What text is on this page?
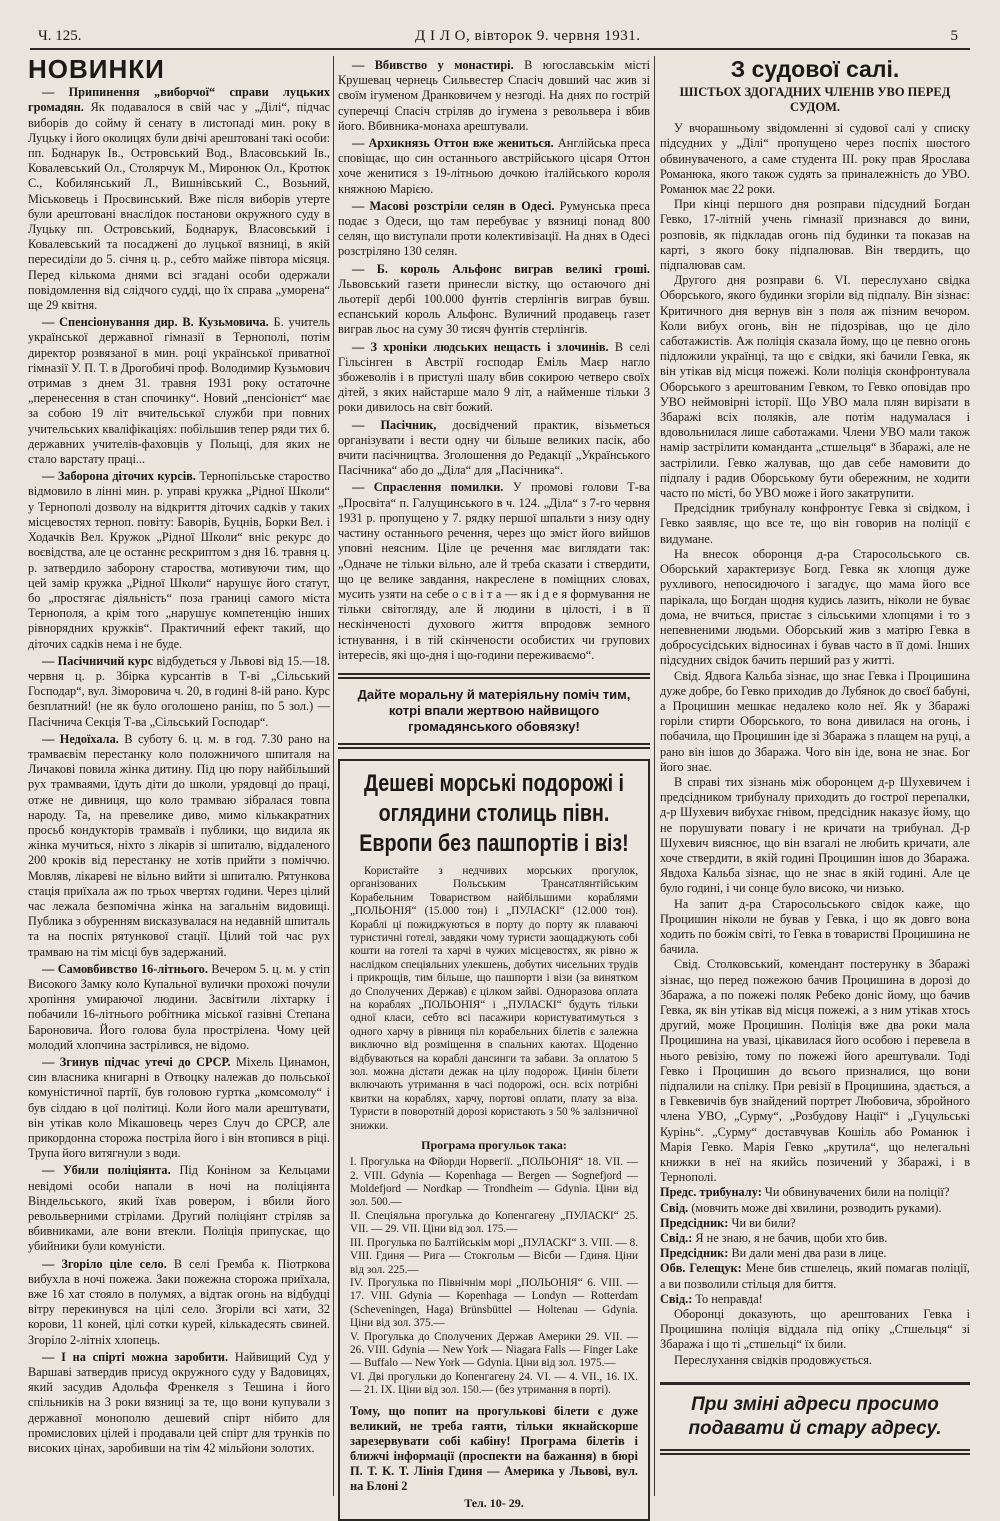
Ч. 125.	Д І Л О, вівторок 9. червня 1931.	5
НОВИНКИ

— Припинення „виборчої“ справи луцьких громадян. Як подавалося в свій час у „Ділі“, підчас виборів до сойму й сенату в листопаді мин. року в Луцьку і його околицях були двічі арештовані такі особи: пп. Боднарук Ів., Островський Вод., Власовський Ів., Ковалевський Ол., Столярчук М., Миронюк Ол., Кротюк С., Кобилянський Л., Вишнівський С., Возьний, Міськовець і Просвинський. Вже після виборів утерте були арештовані внаслідок постанови окружного суду в Луцьку пп. Островський, Боднарук, Власовський і Ковалевський та посаджені до луцької вязниці, в якій пересиділи до 5. січня ц. р., себто майже півтора місяця. Перед кількома днями всі згадані особи одержали повідомлення від слідчого судді, що їх справа „уморена“ ще 29 квітня.

— Спенсіонування дир. В. Кузьмовича. Б. учитель української державної гімназії в Тернополі, потім директор розвязаної в мин. році української приватної гімназії У. П. Т. в Дрогобичі проф. Володимир Кузьмович отримав з днем 31. травня 1931 року остаточне „перенесення в стан спочинку“. Новий „пенсіонієт“ має за собою 19 літ вчительської служби при повних учительських кваліфікаціях: побільшив тепер ряди тих б. державних учителів-фаховців у Польщі, для яких не стало варстату праці...

— Заборона діточих курсів. Тернопільське староство відмовило в лінні мин. р. управі кружка „Рідної Школи“ у Тернополі дозволу на відкриття діточих садків у таких місцевостях терноп. повіту: Баворів, Буцнів, Борки Вел. і Ходачків Вел. Кружок „Рідної Школи“ вніс рекурс до воєвідства, але це останнє рескриптом з дня 16. травня ц. р. затвердило заборону староства, мотивуючи тим, що цей замір кружка „Рідної Школи“ нарушує його статут, бо „простягає діяльність“ поза границі самого міста Тернополя, а крім того „нарушує компетенцію інших рівнорядних кружків“. Практичний ефект такий, що діточих садків нема і не буде.

— Пасічничий курс відбудеться у Львові від 15.—18. червня ц. р. Збірка курсантів в Т-ві „Сільський Господар“, вул. Зіморовича ч. 20, в годині 8-ій рано. Курс безплатний! (не як було оголошено раніш, по 5 зол.) — Пасічнича Секція Т-ва „Сільський Господар“.

— Недоїхала. В суботу 6. ц. м. в год. 7.30 рано на трамваєвім перестанку коло положничого шпиталя на Личакові повила жінка дитину. Під цю пору найбільший рух трамваями, їдуть діти до школи, урядовці до праці, отже не дивниця, що коло трамваю зібралася товпа народу. Та, на превелике диво, мимо кількакратних просьб кондукторів трамваїв і публики, що видила як жінка мучиться, ніхто з лікарів зі шпиталю, віддаленого 200 кроків від перестанку не хотів прийти з поміччю. Мовляв, лікареві не вільно вийти зі шпиталю. Рятункова стація приїхала аж по трьох чвертях години. Через цілий час лежала безпомічна жінка на загальнім видовищі. Публика з обуренням висказувалася на недавній шпиталь та на поспіх рятункової стації. Цілий той час рух трамваю на тім місці був задержаний.

— Самовбивство 16-літнього. Вечером 5. ц. м. у стіп Високого Замку коло Купальної вулички прохожі почули хропіння умираючої людини. Засвітили ліхтарку і побачили 16-літнього робітника міської газівні Степана Бароновича. Його голова була прострілена. Чому цей молодий хлопчина застрілився, не відомо.

— Згинув підчас утечі до СРСР. Міхель Цинамон, син власника книгарні в Отвоцку належав до польської комуністичної партії, був головою гуртка „комсомолу“ і був сілдаю в цої політиці. Коли його мали арештувати, він утікав коло Мікашовець через Случ до СРСР, але прикордонна сторожа постріла його і він втопився в ріці. Трупа його витягнули з води.

— Убили поліціянта. Під Коніном за Кельцами невідомі особи напали в ночі на поліціянта Віндельського, який їхав ровером, і вбили його револьверними стрілами. Другий поліціянт стріляв за вбивниками, але вони втекли. Поліція припускає, що убийники були комуністи.

— Згоріло ціле село. В селі Гремба к. Піотркова вибухла в ночі пожежа. Заки пожежна сторожа приїхала, вже 16 хат стояло в полумях, а відтак огонь на відбудці вітру перекинувся на цілі село. Згоріли всі хати, 32 корови, 11 коней, цілі сотки курей, кількадесять свиней. Згоріло 2-літніх хлопець.

— І на спірті можна заробити. Найвищий Суд у Варшаві затвердив присуд окружного суду у Вадовицях, який засудив Адольфа Френкеля з Тешина і його спільників на 3 роки вязниці за те, що вони купували з державної монополю дешевий спірт нібито для промислових цілей і продавали цей спірт для трунків по високих цінах, заробивши на тім 42 мільйони золотих.

— Вбивство у монастирі. В югославськім місті Крушевац чернець Сильвестер Спасіч довший час жив зі своїм ігуменом Дранковичем у незгоді. На днях по гострій суперечці Спасіч стріляв до ігумена з револьвера і вбив його. Вбивника-монаха арештували.

— Архикнязь Оттон вже жениться. Англійська преса сповіщає, що син останнього австрійського цісаря Оттон хоче женитися з 19-літньою дочкою італійського короля княжною Марією.

— Масові розстріли селян в Одесі. Румунська преса подає з Одеси, що там перебуває у вязниці понад 800 селян, що виступали проти колективізації. На днях в Одесі розстріляно 130 селян.

— Б. король Альфонс виграв великі гроші. Львовський газети принесли вістку, що остаючого дні льотерії дербі 100.000 фунтів стерлінгів виграв бувш. еспанський король Альфонс. Вуличний продавець газет виграв льос на суму 30 тисяч фунтів стерлінгів.

— З хроніки людських нещасть і злочинів. В селі Гільсінген в Австрії господар Еміль Маєр нагло збожеволів і в пристулі шалу вбив сокирою четверо своїх дітей, з яких найстарше мало 9 літ, а найменше тільки 3 роки дивилось на світ божий.

— Пасічник, досвідчений практик, візьметься організувати і вести одну чи більше великих пасік, або вчити пасічництва. Зголошення до Редакції „Українського Пасічника“ або до „Діла“ для „Пасічника“.

— Спраєлення помилки. У промові голови Т-ва „Просвіта“ п. Галущинського в ч. 124. „Діла“ з 7-го червня 1931 р. пропущено у 7. рядку першої шпальти з низу одну частину останнього речення, через що зміст його вийшов уповні неясним. Ціле це речення має виглядати так: „Одначе не тільки вільно, але й треба сказати і ствердити, що це велике завдання, накреслене в поміщних словах, мусить узяти на себе о с в і т а — як і д е я формування не тільки світогляду, але й людини в цілості, і в її нескінченості духового життя впродовж земного істнування, і в тій скінчености особистих чи групових інтересів, які що-дня і що-години переживаємо“.

Дайте моральну й матеріяльну поміч тим, котрі впали жертвою найвищого громадянського обовязку!
Дешеві морські подорожі і оглядини столиць півн. Европи без пашпортів і віз!

Користайте з недчивих морських прогулок, організованих Польським Трансатлянтійським Корабельним Товариством найбільшими кораблями „ПОЛЬОНІЯ“ (15.000 тон) і „ПУЛАСКІ“ (12.000 тон). Кораблі ці пожиджуються в порту до порту як плаваючі туристичні готелі, завдяки чому туристи заощаджують собі кошти на готелі та харчі в чужих місцевостях, як рівно ж наслідком спеціяльних улекшень, добутих чисельних трудів і прикрощів, тим більше, що пашпорти і візи (за винятком до Сполучених Держав) є цілком зайві. Одноразова оплата на кораблях „ПОЛЬОНІЯ“ і „ПУЛАСКІ“ будуть тільки одної класи, себто всі пасажири користуватимуться з одного харчу в рівниця піл корабельних білетів є залежна виключно від розміщення в спальних каютах. Щоденно відбуваються на кораблі дансинги та забави. За оплатою 5 зол. можна дістати дежак на цілу подорож. Цинін білети включають утримання в часі подорожі, осн. всіх потрібні квитки на кораблях, харчу, портові оплати, плату за віза. Туристи в поворотній дорозі користають з 50 % залізничної знижки.

Програма прогульок така:

І. Прогулька на Фйорди Норвегії. „ПОЛЬОНІЯ“ 18. VII. — 2. VIII. Gdynia — Kopenhaga — Bergen — Sognefjord — Moldefjord — Nordkap — Trondheim — Gdynia. Ціни від зол. 500.—

ІІ. Спеціяльна прогулька до Копенгагену „ПУЛАСКІ“ 25. VII. — 29. VII. Ціни від зол. 175.—

ІІІ. Прогулька по Балтійськім морі „ПУЛАСКІ“ 3. VIII. — 8. VIII. Гдиня — Рига — Стокгольм — Вісби — Гдиня. Ціни від зол. 225.—

IV. Прогулька по Північнім морі „ПОЛЬОНІЯ“ 6. VIII. — 17. VIII. Gdynia — Kopenhaga — Londyn — Rotterdam (Scheveningen, Haga) Brünsbüttel — Holtenau — Gdynia. Ціни від зол. 375.—

V. Прогулька до Сполучених Держав Америки 29. VII. — 26. VIII. Gdynia — New York — Niagara Falls — Finger Lake — Buffalo — New York — Gdynia. Ціни від зол. 1975.—

VI. Дві прогульки до Копенгагену 24. VI. — 4. VII., 16. IX. — 21. IX. Ціни від зол. 150.— (без утримання в порті).

Тому, що попит на прогулькові білети є дуже великий, не треба гаяти, тільки якнайскорше зарезервувати собі кабіну! Програма білетів і ближчі інформації (проспекти на бажання) в бюрі П. Т. К. Т. Лінія Гдиня — Америка у Львові, вул. на Блоні 2
Тел. 10- 29.
З судової салі.
ШІСТЬОХ ЗДОГАДНИХ ЧЛЕНІВ УВО ПЕРЕД СУДОМ.

У вчорашньому звідомленні зі судової салі у списку підсудних у „Ділі“ пропущено через поспіх шостого обвинуваченого, а саме студента ІІІ. року прав Ярослава Романюка, якого також судять за приналежність до УВО. Романюк має 22 роки.

При кінці першого дня розправи підсудний Богдан Гевко, 17-літній учень гімназії признався до вини, розповів, як підкладав огонь під будинки та показав на карті, з якого боку підпалював. Він твердить, що підпалював сам.

Другого дня розправи 6. VI. переслухано свідка Оборського, якого будинки згоріли від підпалу. Він зізнає: Критичного дня вернув він з поля аж пізним вечором. Коли вибух огонь, він не підозрівав, що це діло саботажистів. Аж поліція сказала йому, що це певно огонь підложили українці, та що є свідки, які бачили Гевка, як він утікав від місця пожежі. Коли поліція сконфронтувала Оборського з арештованим Гевком, то Гевко оповідав про УВО неймовірні історії. Що УВО мала плян вирізати в Збаражі всіх поляків, але потім надумалася і вдовольнилася лише саботажами. Члени УВО мали також намір застрілити команданта „стшельця“ в Збаражі, але не застрілили. Гевко жалував, що дав себе намовити до підпалу і радив Оборському бути обережним, не ходити часто по місті, бо УВО може і його закатрупити.

Предсідник трибуналу конфронтує Гевка зі свідком, і Гевко заявляє, що все те, що він говорив на поліції є видумане.

На внесок оборонця д-ра Старосольського св. Оборський характеризує Богд. Гевка як хлопця дуже рухливого, непосидючого і загадує, що мама його все парікала, що Богдан щодня кудись лазить, ніколи не буває дома, не вчиться, пристає з сільськими хлопцями і то з непевненими людьми. Оборський жив з матірю Гевка в добросусідських відносинах і бував часто в її домі. Інших підсудних свідок бачить перший раз у житті.

Свід. Ядвога Кальба зізнає, що знає Гевка і Процишина дуже добре, бо Гевко приходив до Лубянок до своєї бабуні, а Процишин мешкає недалеко коло неї. Як у Збаражі горіли стирти Оборського, то вона дивилася на огонь, і побачила, що Процишин іде зі Збаража з плащем на руці, а рано він ішов до Збаража. Чого він іде, вона не знає. Бог його знає.

В справі тих зізнань між оборонцем д-р Шухевичем і предсідником трибуналу приходить до гострої перепалки, д-р Шухевич вибухає гнівом, предсідник наказує йому, що не порушувати повагу і не кричати на трибунал. Д-р Шухевич вияснює, що він взагалі не любить кричати, але хоче ствердити, в якій годині Процишин ішов до Збаража. Явдоха Кальба зізнає, що не знає в якій годині. Але це було годині, і чи сонце було високо, чи низько.

На запит д-ра Старосольського свідок каже, що Процишин ніколи не бував у Гевка, і що як довго вона ходить по божім світі, то Гевка в товаристві Процишина не бачила.

Свід. Столковський, комендант постерунку в Збаражі зізнає, що перед пожежою бачив Процишина в дорозі до Збаража, а по пожежі поляк Ребеко доніс йому, що бачив Гевка, як він утікав від місця пожежі, а з ним утікав хтось другий, може Процишин. Поліція вже два роки мала Процишина на увазі, цікавилася його особою і перевела в нього ревізію, тому по пожежі його арештували. Тоді Гевко і Процишин до всього призналися, що вони підпалили на спілку. При ревізії в Процишина, здається, а в Гевкевичів був знайдений портрет Любовича, збройного члена УВО, „Сурму“, „Розбудову Нації“ і „Гуцульські Курінь“. „Сурму“ доставчував Кошіль або Романюк і Марія Гевко. Марія Гевко „крутила“, що нелегальні книжки в неї на якийсь позичений у Збаражі, і в Тернополі.

Предс. трибуналу: Чи обвинувачених били на поліції?

Свід. (мовчить може дві хвилини, розводить руками).

Предсідник: Чи ви били?

Свід.: Я не знаю, я не бачив, щоби хто бив.

Предсідник: Ви дали мені два рази в лице.

Обв. Гелещук: Мене бив стшелець, який помагав поліції, а ви позволили стільця для биття.

Свід.: То неправда!

Оборонці доказують, що арештованих Гевка і Процишина поліція віддала під опіку „Стшельця“ зі Збаража і що ті „стшельці“ їх били.

Переслухання свідків продовжується.

При зміні адреси просимо подавати й стару адресу.
